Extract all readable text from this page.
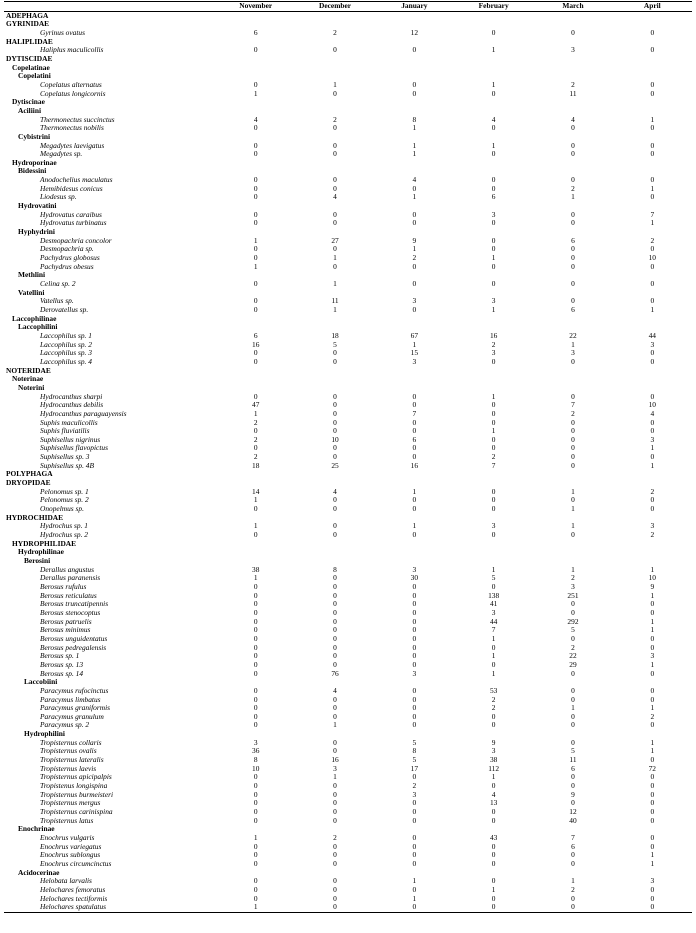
	November	December	January	February	March	April
ADEPHAGA						
GYRINIDAE						
Gyrinus ovatus	6	2	12	0	0	0
HALIPLIDAE						
Haliplus maculicollis	0	0	0	1	3	0
DYTISCIDAE						
Copelatinae						
Copelatini						
Copelatus alternatus	0	1	0	1	2	0
Copelatus longicornis	1	0	0	0	11	0
Dytiscinae						
Aciliini						
Thermonectus succinctus	4	2	8	4	4	1
Thermonectus nobilis	0	0	1	0	0	0
Cybistrini						
Megadytes laevigatus	0	0	1	1	0	0
Megadytes sp.	0	0	1	0	0	0
Hydroporinae						
Bidessini						
Anodochelius maculatus	0	0	4	0	0	0
Hemibidesus conicus	0	0	0	0	2	1
Liodesus sp.	0	4	1	6	1	0
Hydrovatini						
Hydrovatus caraibus	0	0	0	3	0	7
Hydrovatus turbinatus	0	0	0	0	0	1
Hyphydrini						
Desmopachria concolor	1	27	9	0	6	2
Desmopachria sp.	0	0	1	0	0	0
Pachydrus globosus	0	1	2	1	0	10
Pachydrus obesus	1	0	0	0	0	0
Methlini						
Celina sp. 2	0	1	0	0	0	0
Vatellini						
Vatellus sp.	0	11	3	3	0	0
Derovatellus sp.	0	1	0	1	6	1
Laccophilinae						
Laccophilini						
Laccophilus sp. 1	6	18	67	16	22	44
Laccophilus sp. 2	16	5	1	2	1	3
Laccophilus sp. 3	0	0	15	3	3	0
Laccophilus sp. 4	0	0	3	0	0	0
NOTERIDAE						
Noterinae						
Noterini						
Hydrocanthus sharpi	0	0	0	1	0	0
Hydrocanthus debilis	47	0	0	0	7	10
Hydrocanthus paraguayensis	1	0	7	0	2	4
Suphis maculicollis	2	0	0	0	0	0
Suphis fluviatilis	0	0	0	1	0	0
Suphisellus nigrinus	2	10	6	0	0	3
Suphisellus flavopictus	0	0	0	0	0	1
Suphisellus sp. 3	2	0	0	2	0	0
Suphisellus sp. 4B	18	25	16	7	0	1
POLYPHAGA						
DRYOPIDAE						
Pelonomus sp. 1	14	4	1	0	1	2
Pelonomus sp. 2	1	0	0	0	0	0
Onopelmus sp.	0	0	0	0	1	0
HYDROCHIDAE						
Hydrochus sp. 1	1	0	1	3	1	3
Hydrochus sp. 2	0	0	0	0	0	2
HYDROPHILIDAE						
Hydrophilinae						
Berosini						
Derallus angustus	38	8	3	1	1	1
Derallus paranensis	1	0	30	5	2	10
Berosus rufulus	0	0	0	0	3	9
Berosus reticulatus	0	0	0	138	251	1
Berosus truncatipennis	0	0	0	41	0	0
Berosus stenocoptus	0	0	0	3	0	0
Berosus patruelis	0	0	0	44	292	1
Berosus minimus	0	0	0	7	5	1
Berosus unguidentatus	0	0	0	1	0	0
Berosus pedregalensis	0	0	0	0	2	0
Berosus sp. 1	0	0	0	1	22	3
Berosus sp. 13	0	0	0	0	29	1
Berosus sp. 14	0	76	3	1	0	0
Laccobiini						
Paracymus rufocinctus	0	4	0	53	0	0
Paracymus limbatus	0	0	0	2	0	0
Paracymus graniformis	0	0	0	2	1	1
Paracymus granulum	0	0	0	0	0	2
Paracymus sp. 2	0	1	0	0	0	0
Hydrophilini						
Tropisternus collaris	3	0	5	9	0	1
Tropisternus ovalis	36	0	8	3	5	1
Tropisternus lateralis	8	16	5	38	11	0
Tropisternus laevis	10	3	17	112	6	72
Tropisternus apicipalpis	0	1	0	1	0	0
Tropistenus longispina	0	0	2	0	0	0
Tropisternus burmeisteri	0	0	3	4	9	0
Tropisternus mergus	0	0	0	13	0	0
Tropisternus carinispina	0	0	0	0	12	0
Tropisternus latus	0	0	0	0	40	0
Enochrinae						
Enochrus vulgaris	1	2	0	43	7	0
Enochrus variegatus	0	0	0	0	6	0
Enochrus sublongus	0	0	0	0	0	1
Enochrus circumcinctus	0	0	0	0	0	1
Acidocerinae						
Helobata larvalis	0	0	1	0	1	3
Helochares femoratus	0	0	0	1	2	0
Helochares tectiformis	0	0	1	0	0	0
Helochares spatulatus	1	0	0	0	0	0
